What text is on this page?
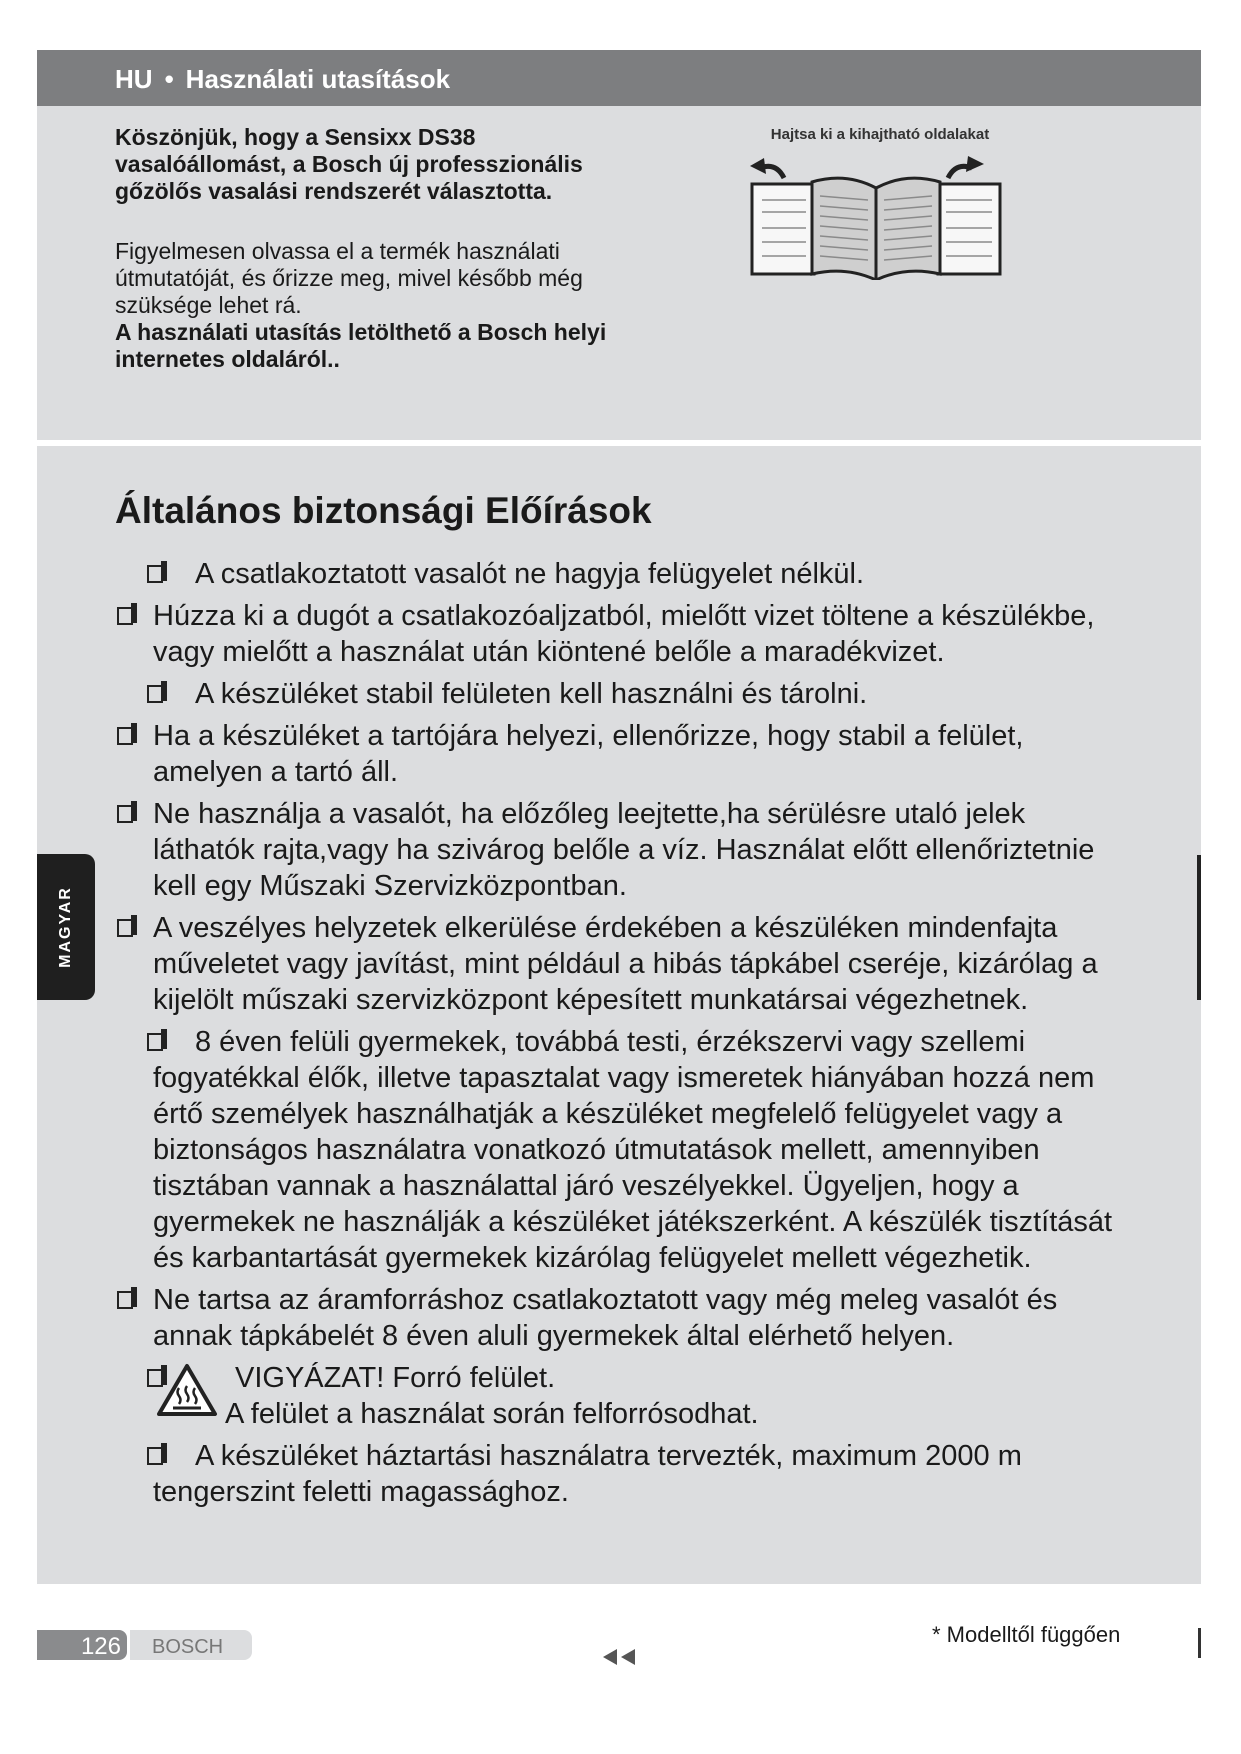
HU • Használati utasítások
Köszönjük, hogy a Sensixx DS38 vasalóállomást, a Bosch új professzionális gőzölős vasalási rendszerét választotta.
Figyelmesen olvassa el a termék használati útmutatóját, és őrizze meg, mivel később még szüksége lehet rá.
A használati utasítás letölthető a Bosch helyi internetes oldaláról..
Hajtsa ki a kihajtható oldalakat
Általános biztonsági Előírások
A csatlakoztatott vasalót ne hagyja felügyelet nélkül.
Húzza ki a dugót a csatlakozóaljzatból, mielőtt vizet töltene a készülékbe, vagy mielőtt a használat után kiöntené belőle a maradékvizet.
A készüléket stabil felületen kell használni és tárolni.
Ha a készüléket a tartójára helyezi, ellenőrizze, hogy stabil a felület, amelyen a tartó áll.
Ne használja a vasalót, ha előzőleg leejtette,ha sérülésre utaló jelek láthatók rajta,vagy ha szivárog belőle a víz. Használat előtt ellenőriztetnie kell egy Műszaki Szervizközpontban.
A veszélyes helyzetek elkerülése érdekében a készüléken mindenfajta műveletet vagy javítást, mint például a hibás tápkábel cseréje, kizárólag a kijelölt műszaki szervizközpont képesített munkatársai végezhetnek.
8 éven felüli gyermekek, továbbá testi, érzékszervi vagy szellemi fogyatékkal élők, illetve tapasztalat vagy ismeretek hiányában hozzá nem értő személyek használhatják a készüléket megfelelő felügyelet vagy a biztonságos használatra vonatkozó útmutatások mellett, amennyiben tisztában vannak a használattal járó veszélyekkel. Ügyeljen, hogy a gyermekek ne használják a készüléket játékszerként. A készülék tisztítását és karbantartását gyermekek kizárólag felügyelet mellett végezhetik.
Ne tartsa az áramforráshoz csatlakoztatott vagy még meleg vasalót és annak tápkábelét 8 éven aluli gyermekek által elérhető helyen.
VIGYÁZAT! Forró felület.
A felület a használat során felforrósodhat.
A készüléket háztartási használatra tervezték, maximum 2000 m tengerszint feletti magassághoz.
MAGYAR
126 BOSCH	* Modelltől függően
